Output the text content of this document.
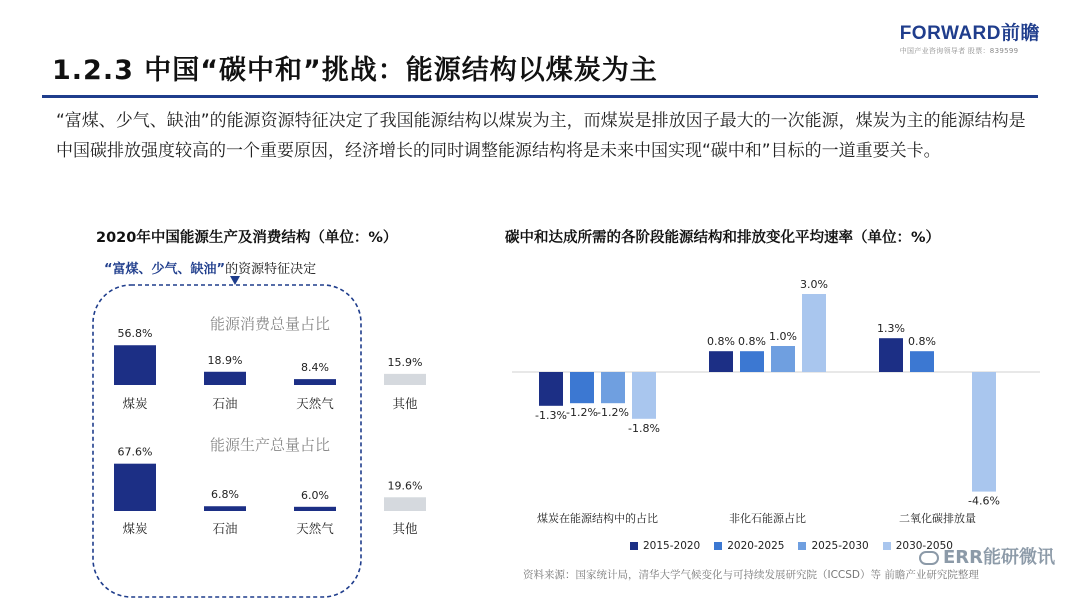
FORWARD前瞻
中国产业咨询领导者 股票：839599
1.2.3 中国“碳中和”挑战：能源结构以煤炭为主
“富煤、少气、缺油”的能源资源特征决定了我国能源结构以煤炭为主，而煤炭是排放因子最大的一次能源，煤炭为主的能源结构是中国碳排放强度较高的一个重要原因，经济增长的同时调整能源结构将是未来中国实现“碳中和”目标的一道重要关卡。
2020年中国能源生产及消费结构（单位：%）	碳中和达成所需的各阶段能源结构和排放变化平均速率（单位：%）
“富煤、少气、缺油”的资源特征决定
能源消费总量占比
56.8%
煤炭
18.9%
石油
8.4%
天然气
15.9%
其他
能源生产总量占比
67.6%
煤炭
6.8%
石油
6.0%
天然气
19.6%
其他
-1.3% -1.2% -1.2%
-1.8%
煤炭在能源结构中的占比
0.8% 0.8% 1.0%
3.0%
非化石能源占比
1.3%
0.8%
-4.6%
二氧化碳排放量
2015-2020	2020-2025	2025-2030	2030-2050
资料来源：国家统计局，清华大学气候变化与可持续发展研究院（ICCSD）等 前瞻产业研究院整理
ERR能研微讯
